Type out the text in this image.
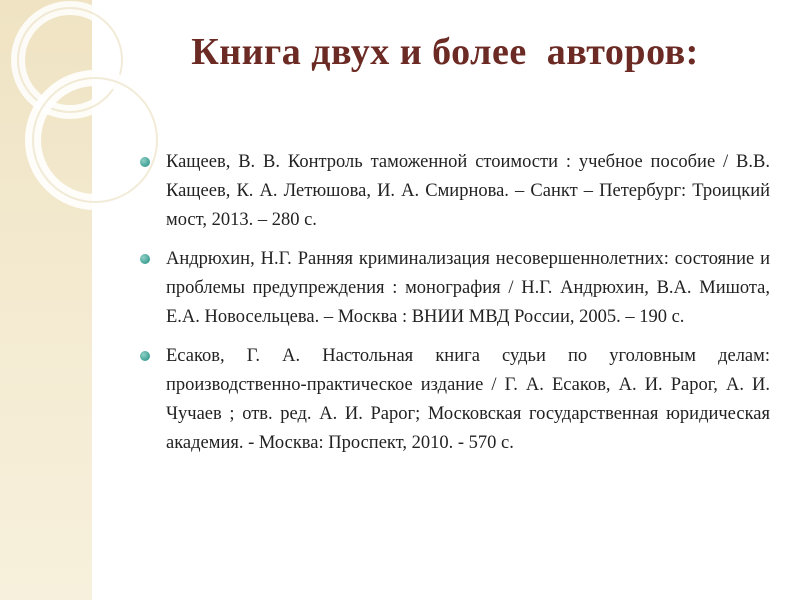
Книга двух и более  авторов:
Кащеев, В. В. Контроль таможенной стоимости : учебное пособие / В.В. Кащеев, К. А. Летюшова, И. А. Смирнова. – Санкт – Петербург: Троицкий мост, 2013. – 280 с.
Андрюхин, Н.Г. Ранняя криминализация несовершеннолетних: состояние и проблемы предупреждения : монография / Н.Г. Андрюхин, В.А. Мишота, Е.А. Новосельцева. – Москва : ВНИИ МВД России, 2005. – 190 с.
Есаков, Г. А. Настольная книга судьи по уголовным делам: производственно-практическое издание / Г. А. Есаков, А. И. Рарог, А. И. Чучаев ; отв. ред. А. И. Рарог; Московская государственная юридическая академия. - Москва: Проспект, 2010. - 570 с.
